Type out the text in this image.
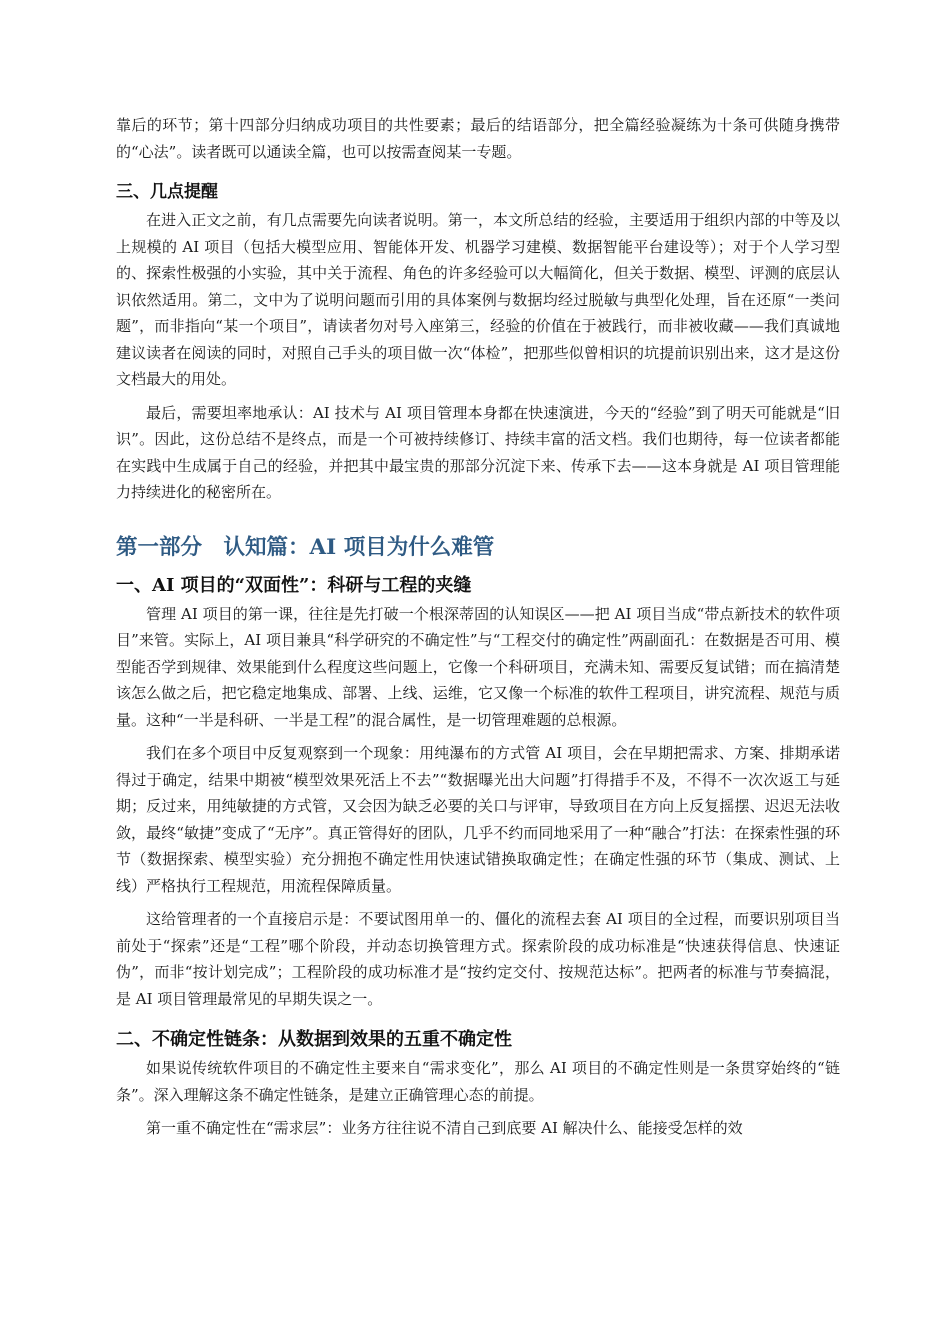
靠后的环节；第十四部分归纳成功项目的共性要素；最后的结语部分，把全篇经验凝练为十条可供随身携带的“心法”。读者既可以通读全篇，也可以按需查阅某一专题。

三、几点提醒

在进入正文之前，有几点需要先向读者说明。第一，本文所总结的经验，主要适用于组织内部的中等及以上规模的 AI 项目（包括大模型应用、智能体开发、机器学习建模、数据智能平台建设等）；对于个人学习型的、探索性极强的小实验，其中关于流程、角色的许多经验可以大幅简化，但关于数据、模型、评测的底层认识依然适用。第二，文中为了说明问题而引用的具体案例与数据均经过脱敏与典型化处理，旨在还原“一类问题”，而非指向“某一个项目”，请读者勿对号入座第三，经验的价值在于被践行，而非被收藏——我们真诚地建议读者在阅读的同时，对照自己手头的项目做一次“体检”，把那些似曾相识的坑提前识别出来，这才是这份文档最大的用处。

最后，需要坦率地承认：AI 技术与 AI 项目管理本身都在快速演进，今天的“经验”到了明天可能就是“旧识”。因此，这份总结不是终点，而是一个可被持续修订、持续丰富的活文档。我们也期待，每一位读者都能在实践中生成属于自己的经验，并把其中最宝贵的那部分沉淀下来、传承下去——这本身就是 AI 项目管理能力持续进化的秘密所在。

第一部分　认知篇：AI 项目为什么难管
一、AI 项目的“双面性”：科研与工程的夹缝

管理 AI 项目的第一课，往往是先打破一个根深蒂固的认知误区——把 AI 项目当成“带点新技术的软件项目”来管。实际上，AI 项目兼具“科学研究的不确定性”与“工程交付的确定性”两副面孔：在数据是否可用、模型能否学到规律、效果能到什么程度这些问题上，它像一个科研项目，充满未知、需要反复试错；而在搞清楚该怎么做之后，把它稳定地集成、部署、上线、运维，它又像一个标准的软件工程项目，讲究流程、规范与质量。这种“一半是科研、一半是工程”的混合属性，是一切管理难题的总根源。

我们在多个项目中反复观察到一个现象：用纯瀑布的方式管 AI 项目，会在早期把需求、方案、排期承诺得过于确定，结果中期被“模型效果死活上不去”“数据曝光出大问题”打得措手不及，不得不一次次返工与延期；反过来，用纯敏捷的方式管，又会因为缺乏必要的关口与评审，导致项目在方向上反复摇摆、迟迟无法收敛，最终“敏捷”变成了“无序”。真正管得好的团队，几乎不约而同地采用了一种“融合”打法：在探索性强的环节（数据探索、模型实验）充分拥抱不确定性用快速试错换取确定性；在确定性强的环节（集成、测试、上线）严格执行工程规范，用流程保障质量。

这给管理者的一个直接启示是：不要试图用单一的、僵化的流程去套 AI 项目的全过程，而要识别项目当前处于“探索”还是“工程”哪个阶段，并动态切换管理方式。探索阶段的成功标准是“快速获得信息、快速证伪”，而非“按计划完成”；工程阶段的成功标准才是“按约定交付、按规范达标”。把两者的标准与节奏搞混，是 AI 项目管理最常见的早期失误之一。

二、不确定性链条：从数据到效果的五重不确定性

如果说传统软件项目的不确定性主要来自“需求变化”，那么 AI 项目的不确定性则是一条贯穿始终的“链条”。深入理解这条不确定性链条，是建立正确管理心态的前提。

第一重不确定性在“需求层”：业务方往往说不清自己到底要 AI 解决什么、能接受怎样的效
